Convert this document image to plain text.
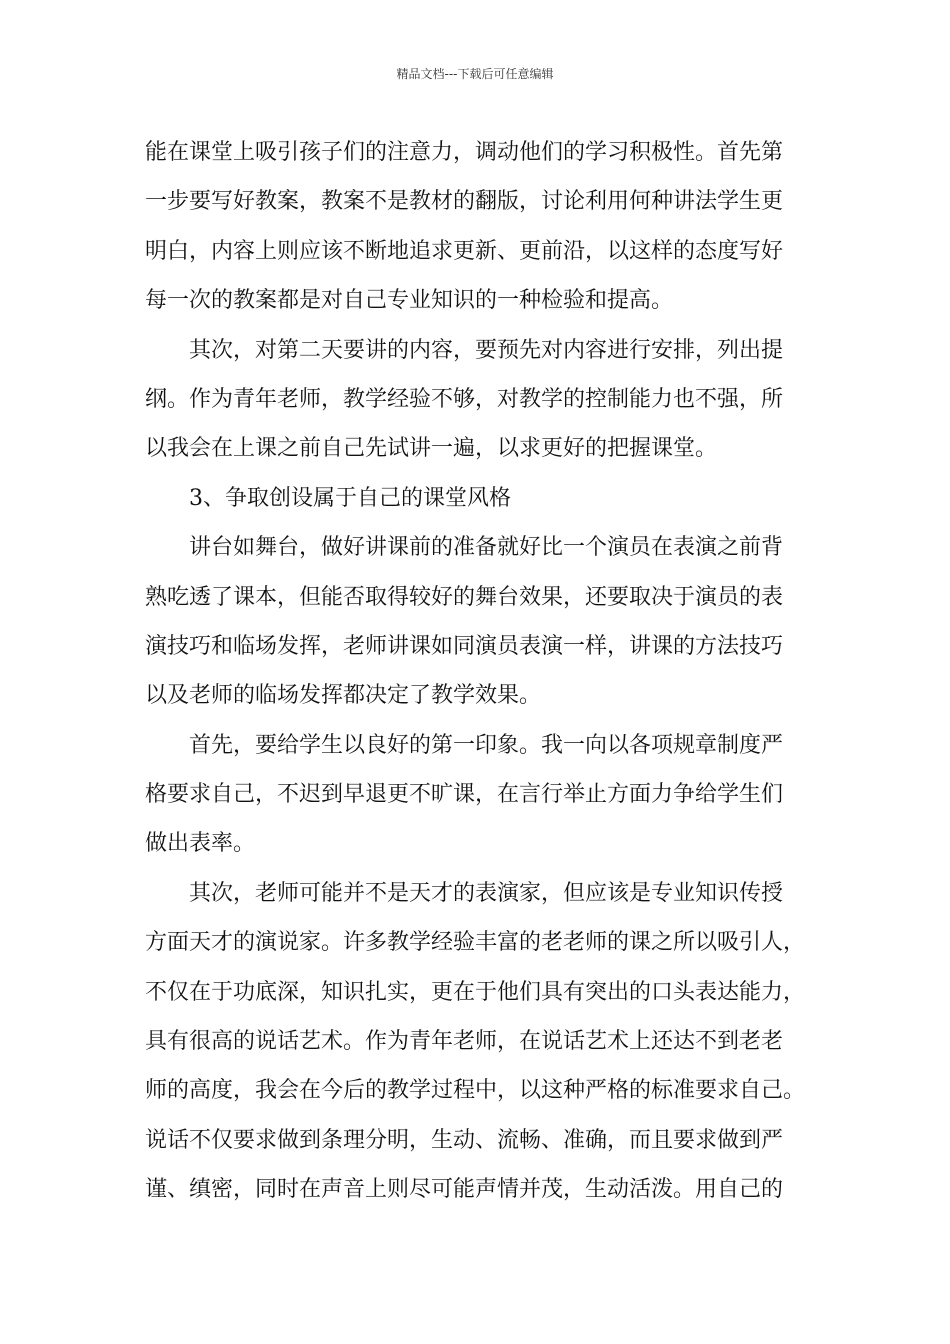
精品文档---下载后可任意编辑
能在课堂上吸引孩子们的注意力，调动他们的学习积极性。首先第
一步要写好教案，教案不是教材的翻版，讨论利用何种讲法学生更
明白，内容上则应该不断地追求更新、更前沿，以这样的态度写好
每一次的教案都是对自己专业知识的一种检验和提高。
　　其次，对第二天要讲的内容，要预先对内容进行安排，列出提
纲。作为青年老师，教学经验不够，对教学的控制能力也不强，所
以我会在上课之前自己先试讲一遍，以求更好的把握课堂。
　　3、争取创设属于自己的课堂风格
　　讲台如舞台，做好讲课前的准备就好比一个演员在表演之前背
熟吃透了课本，但能否取得较好的舞台效果，还要取决于演员的表
演技巧和临场发挥，老师讲课如同演员表演一样，讲课的方法技巧
以及老师的临场发挥都决定了教学效果。
　　首先，要给学生以良好的第一印象。我一向以各项规章制度严
格要求自己，不迟到早退更不旷课，在言行举止方面力争给学生们
做出表率。
　　其次，老师可能并不是天才的表演家，但应该是专业知识传授
方面天才的演说家。许多教学经验丰富的老老师的课之所以吸引人，
不仅在于功底深，知识扎实，更在于他们具有突出的口头表达能力，
具有很高的说话艺术。作为青年老师，在说话艺术上还达不到老老
师的高度，我会在今后的教学过程中，以这种严格的标准要求自己。
说话不仅要求做到条理分明，生动、流畅、准确，而且要求做到严
谨、缜密，同时在声音上则尽可能声情并茂，生动活泼。用自己的
